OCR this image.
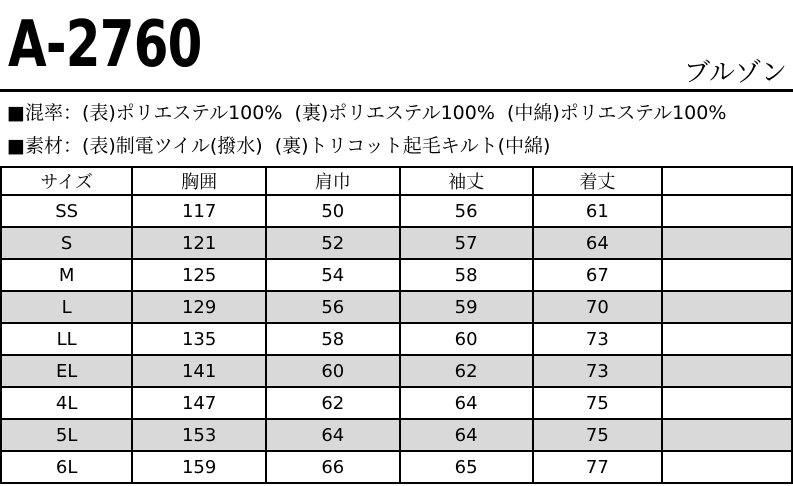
A-2760	ブルゾン
■混率：(表)ポリエステル100%  (裏)ポリエステル100%  (中綿)ポリエステル100%
■素材：(表)制電ツイル(撥水)  (裏)トリコット起毛キルト(中綿)
サイズ	胸囲	肩巾	袖丈	着丈	
SS	117	50	56	61	
S	121	52	57	64	
M	125	54	58	67	
L	129	56	59	70	
LL	135	58	60	73	
EL	141	60	62	73	
4L	147	62	64	75	
5L	153	64	64	75	
6L	159	66	65	77	
